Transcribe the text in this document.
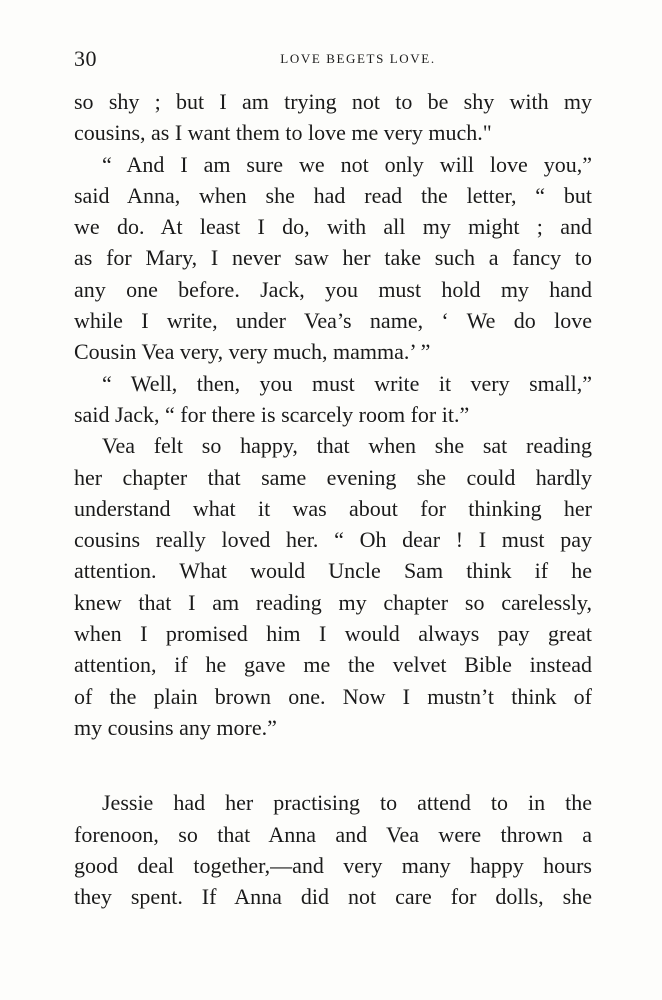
30	LOVE BEGETS LOVE.
so shy ; but I am trying not to be shy with my
cousins, as I want them to love me very much."
“ And I am sure we not only will love you,”
said Anna, when she had read the letter, “ but
we do. At least I do, with all my might ; and
as for Mary, I never saw her take such a fancy to
any one before. Jack, you must hold my hand
while I write, under Vea’s name, ‘ We do love
Cousin Vea very, very much, mamma.’ ”
“ Well, then, you must write it very small,”
said Jack, “ for there is scarcely room for it.”
Vea felt so happy, that when she sat reading
her chapter that same evening she could hardly
understand what it was about for thinking her
cousins really loved her. “ Oh dear ! I must pay
attention. What would Uncle Sam think if he
knew that I am reading my chapter so carelessly,
when I promised him I would always pay great
attention, if he gave me the velvet Bible instead
of the plain brown one. Now I mustn’t think of
my cousins any more.”
Jessie had her practising to attend to in the
forenoon, so that Anna and Vea were thrown a
good deal together,—and very many happy hours
they spent. If Anna did not care for dolls, she
